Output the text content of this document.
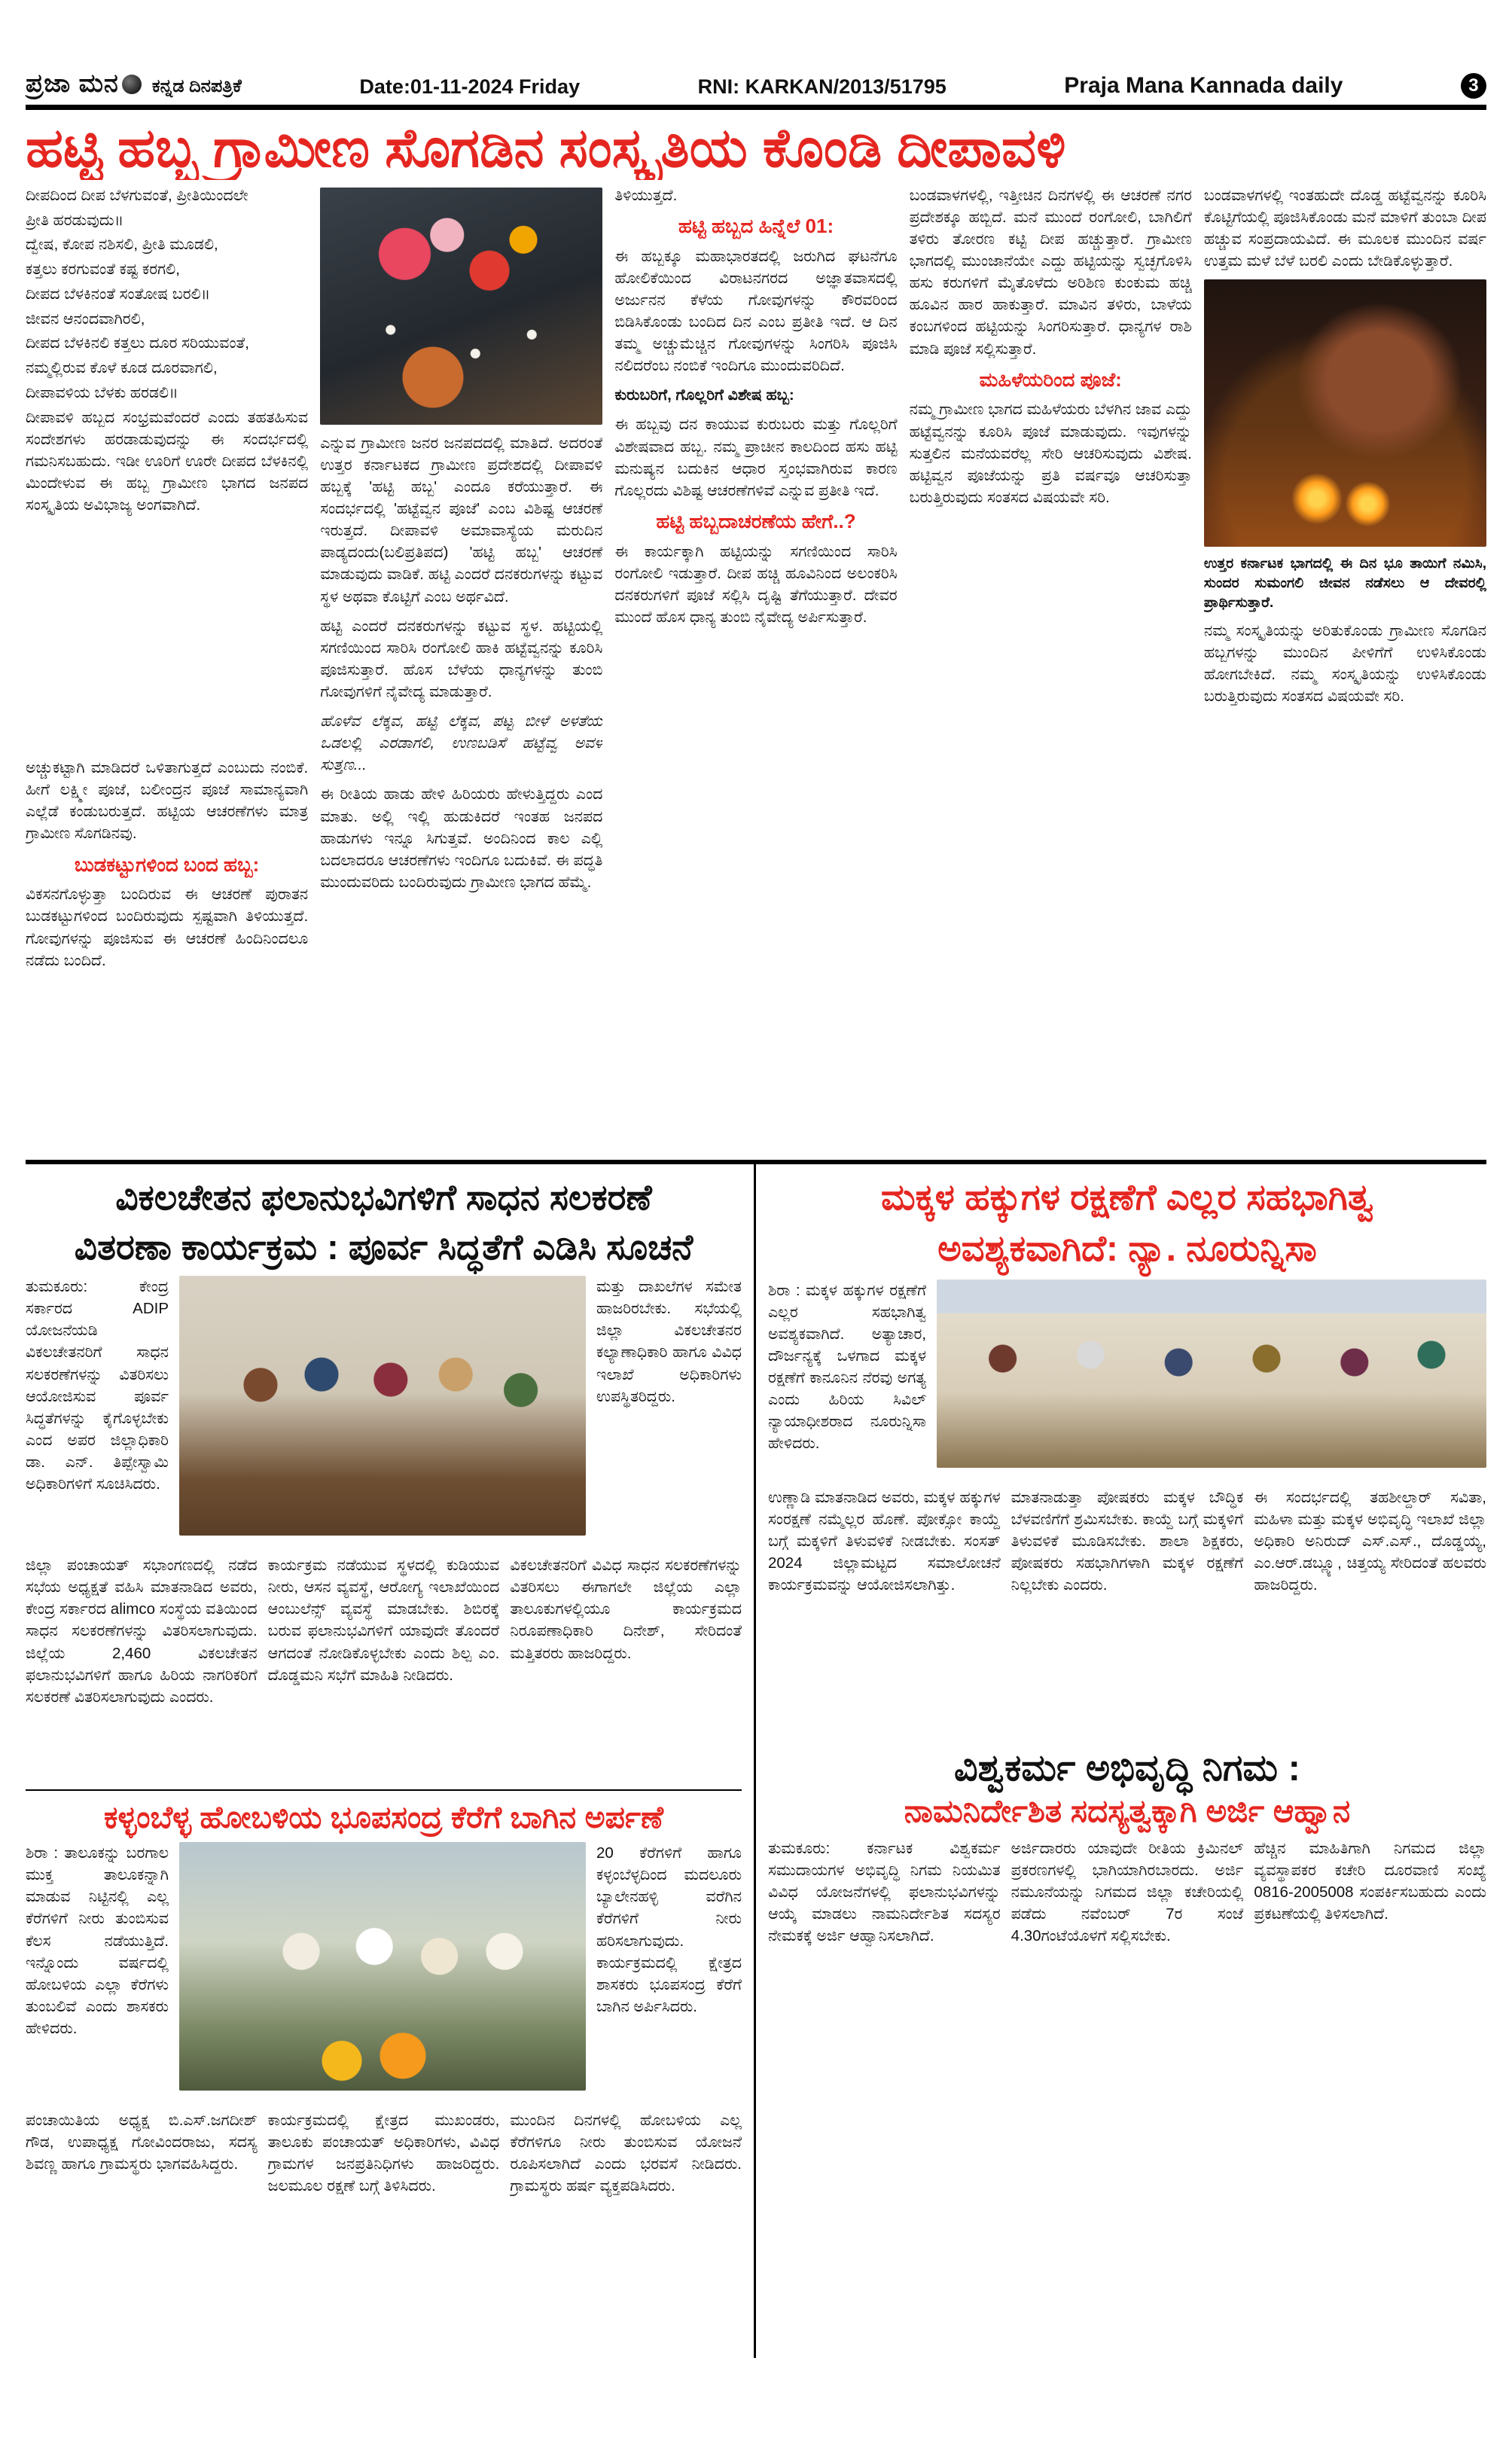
ಪ್ರಜಾ ಮನ ಕನ್ನಡ ದಿನಪತ್ರಿಕೆ	Date:01-11-2024 Friday	RNI: KARKAN/2013/51795	Praja Mana Kannada daily	3
ಹಟ್ಟಿ ಹಬ್ಬ ಗ್ರಾಮೀಣ ಸೊಗಡಿನ ಸಂಸ್ಕೃತಿಯ ಕೊಂಡಿ ದೀಪಾವಳಿ

ದೀಪದಿಂದ ದೀಪ ಬೆಳಗುವಂತೆ, ಪ್ರೀತಿಯಿಂದಲೇ

ಪ್ರೀತಿ ಹರಡುವುದು॥

ದ್ವೇಷ, ಕೋಪ ನಶಿಸಲಿ, ಪ್ರೀತಿ ಮೂಡಲಿ,

ಕತ್ತಲು ಕರಗುವಂತೆ ಕಷ್ಟ ಕರಗಲಿ,

ದೀಪದ ಬೆಳಕಿನಂತೆ ಸಂತೋಷ ಬರಲಿ॥

ಜೀವನ ಆನಂದವಾಗಿರಲಿ,

ದೀಪದ ಬೆಳಕಿನಲಿ ಕತ್ತಲು ದೂರ ಸರಿಯುವಂತೆ,

ನಮ್ಮಲ್ಲಿರುವ ಕೊಳೆ ಕೂಡ ದೂರವಾಗಲಿ,

ದೀಪಾವಳಿಯ ಬೆಳಕು ಹರಡಲಿ॥

ದೀಪಾವಳಿ ಹಬ್ಬದ ಸಂಭ್ರಮವೆಂದರೆ ಎಂದು ತಹತಹಿಸುವ ಸಂದೇಶಗಳು ಹರಡಾಡುವುದನ್ನು ಈ ಸಂದರ್ಭದಲ್ಲಿ ಗಮನಿಸಬಹುದು. ಇಡೀ ಊರಿಗೆ ಊರೇ ದೀಪದ ಬೆಳಕಿನಲ್ಲಿ ಮಿಂದೇಳುವ ಈ ಹಬ್ಬ ಗ್ರಾಮೀಣ ಭಾಗದ ಜನಪದ ಸಂಸ್ಕೃತಿಯ ಅವಿಭಾಜ್ಯ ಅಂಗವಾಗಿದೆ.

ಅಚ್ಚುಕಟ್ಟಾಗಿ ಮಾಡಿದರೆ ಒಳಿತಾಗುತ್ತದೆ ಎಂಬುದು ನಂಬಿಕೆ. ಹೀಗೆ ಲಕ್ಷ್ಮೀ ಪೂಜೆ, ಬಲೀಂದ್ರನ ಪೂಜೆ ಸಾಮಾನ್ಯವಾಗಿ ಎಲ್ಲೆಡೆ ಕಂಡುಬರುತ್ತದೆ. ಹಟ್ಟಿಯ ಆಚರಣೆಗಳು ಮಾತ್ರ ಗ್ರಾಮೀಣ ಸೊಗಡಿನವು.

ಬುಡಕಟ್ಟುಗಳಿಂದ ಬಂದ ಹಬ್ಬ:

ವಿಕಸನಗೊಳ್ಳುತ್ತಾ ಬಂದಿರುವ ಈ ಆಚರಣೆ ಪುರಾತನ ಬುಡಕಟ್ಟುಗಳಿಂದ ಬಂದಿರುವುದು ಸ್ಪಷ್ಟವಾಗಿ ತಿಳಿಯುತ್ತದೆ. ಗೋವುಗಳನ್ನು ಪೂಜಿಸುವ ಈ ಆಚರಣೆ ಹಿಂದಿನಿಂದಲೂ ನಡೆದು ಬಂದಿದೆ.

ಎನ್ನುವ ಗ್ರಾಮೀಣ ಜನರ ಜನಪದದಲ್ಲಿ ಮಾತಿದೆ. ಅದರಂತೆ ಉತ್ತರ ಕರ್ನಾಟಕದ ಗ್ರಾಮೀಣ ಪ್ರದೇಶದಲ್ಲಿ ದೀಪಾವಳಿ ಹಬ್ಬಕ್ಕೆ 'ಹಟ್ಟಿ ಹಬ್ಬ' ಎಂದೂ ಕರೆಯುತ್ತಾರೆ. ಈ ಸಂದರ್ಭದಲ್ಲಿ 'ಹಟ್ಟೆವ್ವನ ಪೂಜೆ' ಎಂಬ ವಿಶಿಷ್ಟ ಆಚರಣೆ ಇರುತ್ತದೆ. ದೀಪಾವಳಿ ಅಮಾವಾಸ್ಯೆಯ ಮರುದಿನ ಪಾಡ್ಯದಂದು(ಬಲಿಪ್ರತಿಪದ) 'ಹಟ್ಟಿ ಹಬ್ಬ' ಆಚರಣೆ ಮಾಡುವುದು ವಾಡಿಕೆ. ಹಟ್ಟಿ ಎಂದರೆ ದನಕರುಗಳನ್ನು ಕಟ್ಟುವ ಸ್ಥಳ ಅಥವಾ ಕೊಟ್ಟಿಗೆ ಎಂಬ ಅರ್ಥವಿದೆ.

ಹಟ್ಟಿ ಎಂದರೆ ದನಕರುಗಳನ್ನು ಕಟ್ಟುವ ಸ್ಥಳ. ಹಟ್ಟಿಯಲ್ಲಿ ಸಗಣಿಯಿಂದ ಸಾರಿಸಿ ರಂಗೋಲಿ ಹಾಕಿ ಹಟ್ಟೆವ್ವನನ್ನು ಕೂರಿಸಿ ಪೂಜಿಸುತ್ತಾರೆ. ಹೊಸ ಬೆಳೆಯ ಧಾನ್ಯಗಳನ್ನು ತುಂಬಿ ಗೋವುಗಳಿಗೆ ನೈವೇದ್ಯ ಮಾಡುತ್ತಾರೆ.

ಹೊಳೆವ ಲೆಕ್ಕವ, ಹಟ್ಟಿ ಲೆಕ್ಕವ, ಪಟ್ಟ ಬೀಳೆ ಅಳತೆಯ ಒಡಲಲ್ಲಿ ಎರಡಾಗಲಿ, ಉಣಬಡಿಸೆ ಹಟ್ಟೆವ್ವ ಅವಳ ಸುತ್ತಣ...

ಈ ರೀತಿಯ ಹಾಡು ಹೇಳಿ ಹಿರಿಯರು ಹೇಳುತ್ತಿದ್ದರು ಎಂದ ಮಾತು. ಅಲ್ಲಿ ಇಲ್ಲಿ ಹುಡುಕಿದರೆ ಇಂತಹ ಜನಪದ ಹಾಡುಗಳು ಇನ್ನೂ ಸಿಗುತ್ತವೆ. ಅಂದಿನಿಂದ ಕಾಲ ಎಲ್ಲಿ ಬದಲಾದರೂ ಆಚರಣೆಗಳು ಇಂದಿಗೂ ಬದುಕಿವೆ. ಈ ಪದ್ಧತಿ ಮುಂದುವರಿದು ಬಂದಿರುವುದು ಗ್ರಾಮೀಣ ಭಾಗದ ಹೆಮ್ಮೆ.

ತಿಳಿಯುತ್ತದೆ.

ಹಟ್ಟಿ ಹಬ್ಬದ ಹಿನ್ನೆಲೆ 01:

ಈ ಹಬ್ಬಕ್ಕೂ ಮಹಾಭಾರತದಲ್ಲಿ ಜರುಗಿದ ಘಟನೆಗೂ ಹೋಲಿಕೆಯಿಂದ ವಿರಾಟನಗರದ ಅಜ್ಞಾತವಾಸದಲ್ಲಿ ಅರ್ಜುನನ ಕೆಳೆಯ ಗೋವುಗಳನ್ನು ಕೌರವರಿಂದ ಬಿಡಿಸಿಕೊಂಡು ಬಂದಿದ ದಿನ ಎಂಬ ಪ್ರತೀತಿ ಇದೆ. ಆ ದಿನ ತಮ್ಮ ಅಚ್ಚುಮೆಚ್ಚಿನ ಗೋವುಗಳನ್ನು ಸಿಂಗರಿಸಿ ಪೂಜಿಸಿ ನಲಿದರೆಂಬ ನಂಬಿಕೆ ಇಂದಿಗೂ ಮುಂದುವರಿದಿದೆ.

ಕುರುಬರಿಗೆ, ಗೊಲ್ಲರಿಗೆ ವಿಶೇಷ ಹಬ್ಬ:

ಈ ಹಬ್ಬವು ದನ ಕಾಯುವ ಕುರುಬರು ಮತ್ತು ಗೊಲ್ಲರಿಗೆ ವಿಶೇಷವಾದ ಹಬ್ಬ. ನಮ್ಮ ಪ್ರಾಚೀನ ಕಾಲದಿಂದ ಹಸು ಹಟ್ಟಿ ಮನುಷ್ಯನ ಬದುಕಿನ ಆಧಾರ ಸ್ತಂಭವಾಗಿರುವ ಕಾರಣ ಗೊಲ್ಲರದು ವಿಶಿಷ್ಟ ಆಚರಣೆಗಳಿವೆ ಎನ್ನುವ ಪ್ರತೀತಿ ಇದೆ.

ಹಟ್ಟಿ ಹಬ್ಬದಾಚರಣೆಯ ಹೇಗೆ..?

ಈ ಕಾರ್ಯಕ್ಕಾಗಿ ಹಟ್ಟಿಯನ್ನು ಸಗಣಿಯಿಂದ ಸಾರಿಸಿ ರಂಗೋಲಿ ಇಡುತ್ತಾರೆ. ದೀಪ ಹಚ್ಚಿ ಹೂವಿನಿಂದ ಅಲಂಕರಿಸಿ ದನಕರುಗಳಿಗೆ ಪೂಜೆ ಸಲ್ಲಿಸಿ ದೃಷ್ಟಿ ತೆಗೆಯುತ್ತಾರೆ. ದೇವರ ಮುಂದೆ ಹೊಸ ಧಾನ್ಯ ತುಂಬಿ ನೈವೇದ್ಯ ಅರ್ಪಿಸುತ್ತಾರೆ.

ಬಂಡವಾಳಗಳಲ್ಲಿ, ಇತ್ತೀಚಿನ ದಿನಗಳಲ್ಲಿ ಈ ಆಚರಣೆ ನಗರ ಪ್ರದೇಶಕ್ಕೂ ಹಬ್ಬಿದೆ. ಮನೆ ಮುಂದೆ ರಂಗೋಲಿ, ಬಾಗಿಲಿಗೆ ತಳಿರು ತೋರಣ ಕಟ್ಟಿ ದೀಪ ಹಚ್ಚುತ್ತಾರೆ. ಗ್ರಾಮೀಣ ಭಾಗದಲ್ಲಿ ಮುಂಜಾನೆಯೇ ಎದ್ದು ಹಟ್ಟಿಯನ್ನು ಸ್ವಚ್ಛಗೊಳಿಸಿ ಹಸು ಕರುಗಳಿಗೆ ಮೈತೊಳೆದು ಅರಿಶಿಣ ಕುಂಕುಮ ಹಚ್ಚಿ ಹೂವಿನ ಹಾರ ಹಾಕುತ್ತಾರೆ. ಮಾವಿನ ತಳಿರು, ಬಾಳೆಯ ಕಂಬಗಳಿಂದ ಹಟ್ಟಿಯನ್ನು ಸಿಂಗರಿಸುತ್ತಾರೆ. ಧಾನ್ಯಗಳ ರಾಶಿ ಮಾಡಿ ಪೂಜೆ ಸಲ್ಲಿಸುತ್ತಾರೆ.

ಮಹಿಳೆಯರಿಂದ ಪೂಜೆ:

ನಮ್ಮ ಗ್ರಾಮೀಣ ಭಾಗದ ಮಹಿಳೆಯರು ಬೆಳಗಿನ ಜಾವ ಎದ್ದು ಹಟ್ಟೆವ್ವನನ್ನು ಕೂರಿಸಿ ಪೂಜೆ ಮಾಡುವುದು. ಇವುಗಳನ್ನು ಸುತ್ತಲಿನ ಮನೆಯವರೆಲ್ಲ ಸೇರಿ ಆಚರಿಸುವುದು ವಿಶೇಷ. ಹಟ್ಟಿವ್ವನ ಪೂಜೆಯನ್ನು ಪ್ರತಿ ವರ್ಷವೂ ಆಚರಿಸುತ್ತಾ ಬರುತ್ತಿರುವುದು ಸಂತಸದ ವಿಷಯವೇ ಸರಿ.

ಬಂಡವಾಳಗಳಲ್ಲಿ ಇಂತಹುದೇ ದೊಡ್ಡ ಹಟ್ಟೆವ್ವನನ್ನು ಕೂರಿಸಿ ಕೊಟ್ಟಿಗೆಯಲ್ಲಿ ಪೂಜಿಸಿಕೊಂಡು ಮನೆ ಮಾಳಿಗೆ ತುಂಬಾ ದೀಪ ಹಚ್ಚುವ ಸಂಪ್ರದಾಯವಿದೆ. ಈ ಮೂಲಕ ಮುಂದಿನ ವರ್ಷ ಉತ್ತಮ ಮಳೆ ಬೆಳೆ ಬರಲಿ ಎಂದು ಬೇಡಿಕೊಳ್ಳುತ್ತಾರೆ.

ಉತ್ತರ ಕರ್ನಾಟಕ ಭಾಗದಲ್ಲಿ ಈ ದಿನ ಭೂ ತಾಯಿಗೆ ನಮಿಸಿ, ಸುಂದರ ಸುಮಂಗಲಿ ಜೀವನ ನಡೆಸಲು ಆ ದೇವರಲ್ಲಿ ಪ್ರಾರ್ಥಿಸುತ್ತಾರೆ.

ನಮ್ಮ ಸಂಸ್ಕೃತಿಯನ್ನು ಅರಿತುಕೊಂಡು ಗ್ರಾಮೀಣ ಸೊಗಡಿನ ಹಬ್ಬಗಳನ್ನು ಮುಂದಿನ ಪೀಳಿಗೆಗೆ ಉಳಿಸಿಕೊಂಡು ಹೋಗಬೇಕಿದೆ. ನಮ್ಮ ಸಂಸ್ಕೃತಿಯನ್ನು ಉಳಿಸಿಕೊಂಡು ಬರುತ್ತಿರುವುದು ಸಂತಸದ ವಿಷಯವೇ ಸರಿ.

ವಿಕಲಚೇತನ ಫಲಾನುಭವಿಗಳಿಗೆ ಸಾಧನ ಸಲಕರಣೆ
ವಿತರಣಾ ಕಾರ್ಯಕ್ರಮ : ಪೂರ್ವ ಸಿದ್ಧತೆಗೆ ಎಡಿಸಿ ಸೂಚನೆ
ತುಮಕೂರು: ಕೇಂದ್ರ ಸರ್ಕಾರದ ADIP ಯೋಜನೆಯಡಿ ವಿಕಲಚೇತನರಿಗೆ ಸಾಧನ ಸಲಕರಣೆಗಳನ್ನು ವಿತರಿಸಲು ಆಯೋಜಿಸುವ ಪೂರ್ವ ಸಿದ್ಧತೆಗಳನ್ನು ಕೈಗೊಳ್ಳಬೇಕು ಎಂದ ಅಪರ ಜಿಲ್ಲಾಧಿಕಾರಿ ಡಾ. ಎನ್. ತಿಪ್ಪೇಸ್ವಾಮಿ ಅಧಿಕಾರಿಗಳಿಗೆ ಸೂಚಿಸಿದರು.
ಮತ್ತು ದಾಖಲೆಗಳ ಸಮೇತ ಹಾಜರಿರಬೇಕು. ಸಭೆಯಲ್ಲಿ ಜಿಲ್ಲಾ ವಿಕಲಚೇತನರ ಕಲ್ಯಾಣಾಧಿಕಾರಿ ಹಾಗೂ ವಿವಿಧ ಇಲಾಖೆ ಅಧಿಕಾರಿಗಳು ಉಪಸ್ಥಿತರಿದ್ದರು.
ಜಿಲ್ಲಾ ಪಂಚಾಯತ್ ಸಭಾಂಗಣದಲ್ಲಿ ನಡೆದ ಸಭೆಯ ಅಧ್ಯಕ್ಷತೆ ವಹಿಸಿ ಮಾತನಾಡಿದ ಅವರು, ಕೇಂದ್ರ ಸರ್ಕಾರದ alimco ಸಂಸ್ಥೆಯ ವತಿಯಿಂದ ಸಾಧನ ಸಲಕರಣೆಗಳನ್ನು ವಿತರಿಸಲಾಗುವುದು. ಜಿಲ್ಲೆಯ 2,460 ವಿಕಲಚೇತನ ಫಲಾನುಭವಿಗಳಿಗೆ ಹಾಗೂ ಹಿರಿಯ ನಾಗರಿಕರಿಗೆ ಸಲಕರಣೆ ವಿತರಿಸಲಾಗುವುದು ಎಂದರು.
ಕಾರ್ಯಕ್ರಮ ನಡೆಯುವ ಸ್ಥಳದಲ್ಲಿ ಕುಡಿಯುವ ನೀರು, ಆಸನ ವ್ಯವಸ್ಥೆ, ಆರೋಗ್ಯ ಇಲಾಖೆಯಿಂದ ಆಂಬುಲೆನ್ಸ್ ವ್ಯವಸ್ಥೆ ಮಾಡಬೇಕು. ಶಿಬಿರಕ್ಕೆ ಬರುವ ಫಲಾನುಭವಿಗಳಿಗೆ ಯಾವುದೇ ತೊಂದರೆ ಆಗದಂತೆ ನೋಡಿಕೊಳ್ಳಬೇಕು ಎಂದು ಶಿಲ್ಪ ಎಂ. ದೊಡ್ಡಮನಿ ಸಭೆಗೆ ಮಾಹಿತಿ ನೀಡಿದರು.
ವಿಕಲಚೇತನರಿಗೆ ವಿವಿಧ ಸಾಧನ ಸಲಕರಣೆಗಳನ್ನು ವಿತರಿಸಲು ಈಗಾಗಲೇ ಜಿಲ್ಲೆಯ ಎಲ್ಲಾ ತಾಲೂಕುಗಳಲ್ಲಿಯೂ ಕಾರ್ಯಕ್ರಮದ ನಿರೂಪಣಾಧಿಕಾರಿ ದಿನೇಶ್, ಸೇರಿದಂತೆ ಮತ್ತಿತರರು ಹಾಜರಿದ್ದರು.
ಕಳ್ಳಂಬೆಳ್ಳ ಹೋಬಳಿಯ ಭೂಪಸಂದ್ರ ಕೆರೆಗೆ ಬಾಗಿನ ಅರ್ಪಣೆ
ಶಿರಾ : ತಾಲೂಕನ್ನು ಬರಗಾಲ ಮುಕ್ತ ತಾಲೂಕನ್ನಾಗಿ ಮಾಡುವ ನಿಟ್ಟಿನಲ್ಲಿ ಎಲ್ಲ ಕೆರೆಗಳಿಗೆ ನೀರು ತುಂಬಿಸುವ ಕೆಲಸ ನಡೆಯುತ್ತಿದೆ. ಇನ್ನೊಂದು ವರ್ಷದಲ್ಲಿ ಹೋಬಳಿಯ ಎಲ್ಲಾ ಕೆರೆಗಳು ತುಂಬಲಿವೆ ಎಂದು ಶಾಸಕರು ಹೇಳಿದರು.
20 ಕೆರೆಗಳಿಗೆ ಹಾಗೂ ಕಳ್ಳಂಬೆಳ್ಳದಿಂದ ಮದಲೂರು ಬ್ಯಾಲೇನಹಳ್ಳಿ ವರೆಗಿನ ಕೆರೆಗಳಿಗೆ ನೀರು ಹರಿಸಲಾಗುವುದು. ಕಾರ್ಯಕ್ರಮದಲ್ಲಿ ಕ್ಷೇತ್ರದ ಶಾಸಕರು ಭೂಪಸಂದ್ರ ಕೆರೆಗೆ ಬಾಗಿನ ಅರ್ಪಿಸಿದರು.
ಪಂಚಾಯಿತಿಯ ಅಧ್ಯಕ್ಷ ಬಿ.ಎಸ್.ಜಗದೀಶ್ ಗೌಡ, ಉಪಾಧ್ಯಕ್ಷ ಗೋವಿಂದರಾಜು, ಸದಸ್ಯ ಶಿವಣ್ಣ ಹಾಗೂ ಗ್ರಾಮಸ್ಥರು ಭಾಗವಹಿಸಿದ್ದರು.
ಕಾರ್ಯಕ್ರಮದಲ್ಲಿ ಕ್ಷೇತ್ರದ ಮುಖಂಡರು, ತಾಲೂಕು ಪಂಚಾಯತ್ ಅಧಿಕಾರಿಗಳು, ವಿವಿಧ ಗ್ರಾಮಗಳ ಜನಪ್ರತಿನಿಧಿಗಳು ಹಾಜರಿದ್ದರು. ಜಲಮೂಲ ರಕ್ಷಣೆ ಬಗ್ಗೆ ತಿಳಿಸಿದರು.
ಮುಂದಿನ ದಿನಗಳಲ್ಲಿ ಹೋಬಳಿಯ ಎಲ್ಲ ಕೆರೆಗಳಿಗೂ ನೀರು ತುಂಬಿಸುವ ಯೋಜನೆ ರೂಪಿಸಲಾಗಿದೆ ಎಂದು ಭರವಸೆ ನೀಡಿದರು. ಗ್ರಾಮಸ್ಥರು ಹರ್ಷ ವ್ಯಕ್ತಪಡಿಸಿದರು.
ಮಕ್ಕಳ ಹಕ್ಕುಗಳ ರಕ್ಷಣೆಗೆ ಎಲ್ಲರ ಸಹಭಾಗಿತ್ವ
ಅವಶ್ಯಕವಾಗಿದೆ: ನ್ಯಾ. ನೂರುನ್ನಿಸಾ
ಶಿರಾ : ಮಕ್ಕಳ ಹಕ್ಕುಗಳ ರಕ್ಷಣೆಗೆ ಎಲ್ಲರ ಸಹಭಾಗಿತ್ವ ಅವಶ್ಯಕವಾಗಿದೆ. ಅತ್ಯಾಚಾರ, ದೌರ್ಜನ್ಯಕ್ಕೆ ಒಳಗಾದ ಮಕ್ಕಳ ರಕ್ಷಣೆಗೆ ಕಾನೂನಿನ ನೆರವು ಅಗತ್ಯ ಎಂದು ಹಿರಿಯ ಸಿವಿಲ್ ನ್ಯಾಯಾಧೀಶರಾದ ನೂರುನ್ನಿಸಾ ಹೇಳಿದರು.
ಉಣ್ಣಾಡಿ ಮಾತನಾಡಿದ ಅವರು, ಮಕ್ಕಳ ಹಕ್ಕುಗಳ ಸಂರಕ್ಷಣೆ ನಮ್ಮೆಲ್ಲರ ಹೊಣೆ. ಪೋಕ್ಸೋ ಕಾಯ್ದೆ ಬಗ್ಗೆ ಮಕ್ಕಳಿಗೆ ತಿಳುವಳಿಕೆ ನೀಡಬೇಕು. ಸಂಸತ್ 2024 ಜಿಲ್ಲಾಮಟ್ಟದ ಸಮಾಲೋಚನೆ ಕಾರ್ಯಕ್ರಮವನ್ನು ಆಯೋಜಿಸಲಾಗಿತ್ತು.
ಮಾತನಾಡುತ್ತಾ ಪೋಷಕರು ಮಕ್ಕಳ ಬೌದ್ಧಿಕ ಬೆಳವಣಿಗೆಗೆ ಶ್ರಮಿಸಬೇಕು. ಕಾಯ್ದೆ ಬಗ್ಗೆ ಮಕ್ಕಳಿಗೆ ತಿಳುವಳಿಕೆ ಮೂಡಿಸಬೇಕು. ಶಾಲಾ ಶಿಕ್ಷಕರು, ಪೋಷಕರು ಸಹಭಾಗಿಗಳಾಗಿ ಮಕ್ಕಳ ರಕ್ಷಣೆಗೆ ನಿಲ್ಲಬೇಕು ಎಂದರು.
ಈ ಸಂದರ್ಭದಲ್ಲಿ ತಹಶೀಲ್ದಾರ್ ಸವಿತಾ, ಮಹಿಳಾ ಮತ್ತು ಮಕ್ಕಳ ಅಭಿವೃದ್ಧಿ ಇಲಾಖೆ ಜಿಲ್ಲಾ ಅಧಿಕಾರಿ ಅನಿರುದ್ ಎಸ್.ಎಸ್., ದೊಡ್ಡಯ್ಯ, ಎಂ.ಆರ್.ಡಬ್ಲ್ಯೂ, ಚಿತ್ತಯ್ಯ ಸೇರಿದಂತೆ ಹಲವರು ಹಾಜರಿದ್ದರು.
ವಿಶ್ವಕರ್ಮ ಅಭಿವೃದ್ಧಿ ನಿಗಮ :
ನಾಮನಿರ್ದೇಶಿತ ಸದಸ್ಯತ್ವಕ್ಕಾಗಿ ಅರ್ಜಿ ಆಹ್ವಾನ
ತುಮಕೂರು: ಕರ್ನಾಟಕ ವಿಶ್ವಕರ್ಮ ಸಮುದಾಯಗಳ ಅಭಿವೃದ್ಧಿ ನಿಗಮ ನಿಯಮಿತ ವಿವಿಧ ಯೋಜನೆಗಳಲ್ಲಿ ಫಲಾನುಭವಿಗಳನ್ನು ಆಯ್ಕೆ ಮಾಡಲು ನಾಮನಿರ್ದೇಶಿತ ಸದಸ್ಯರ ನೇಮಕಕ್ಕೆ ಅರ್ಜಿ ಆಹ್ವಾನಿಸಲಾಗಿದೆ.
ಅರ್ಜಿದಾರರು ಯಾವುದೇ ರೀತಿಯ ಕ್ರಿಮಿನಲ್ ಪ್ರಕರಣಗಳಲ್ಲಿ ಭಾಗಿಯಾಗಿರಬಾರದು. ಅರ್ಜಿ ನಮೂನೆಯನ್ನು ನಿಗಮದ ಜಿಲ್ಲಾ ಕಚೇರಿಯಲ್ಲಿ ಪಡೆದು ನವೆಂಬರ್ 7ರ ಸಂಜೆ 4.30ಗಂಟೆಯೊಳಗೆ ಸಲ್ಲಿಸಬೇಕು.
ಹೆಚ್ಚಿನ ಮಾಹಿತಿಗಾಗಿ ನಿಗಮದ ಜಿಲ್ಲಾ ವ್ಯವಸ್ಥಾಪಕರ ಕಚೇರಿ ದೂರವಾಣಿ ಸಂಖ್ಯೆ 0816-2005008 ಸಂಪರ್ಕಿಸಬಹುದು ಎಂದು ಪ್ರಕಟಣೆಯಲ್ಲಿ ತಿಳಿಸಲಾಗಿದೆ.
